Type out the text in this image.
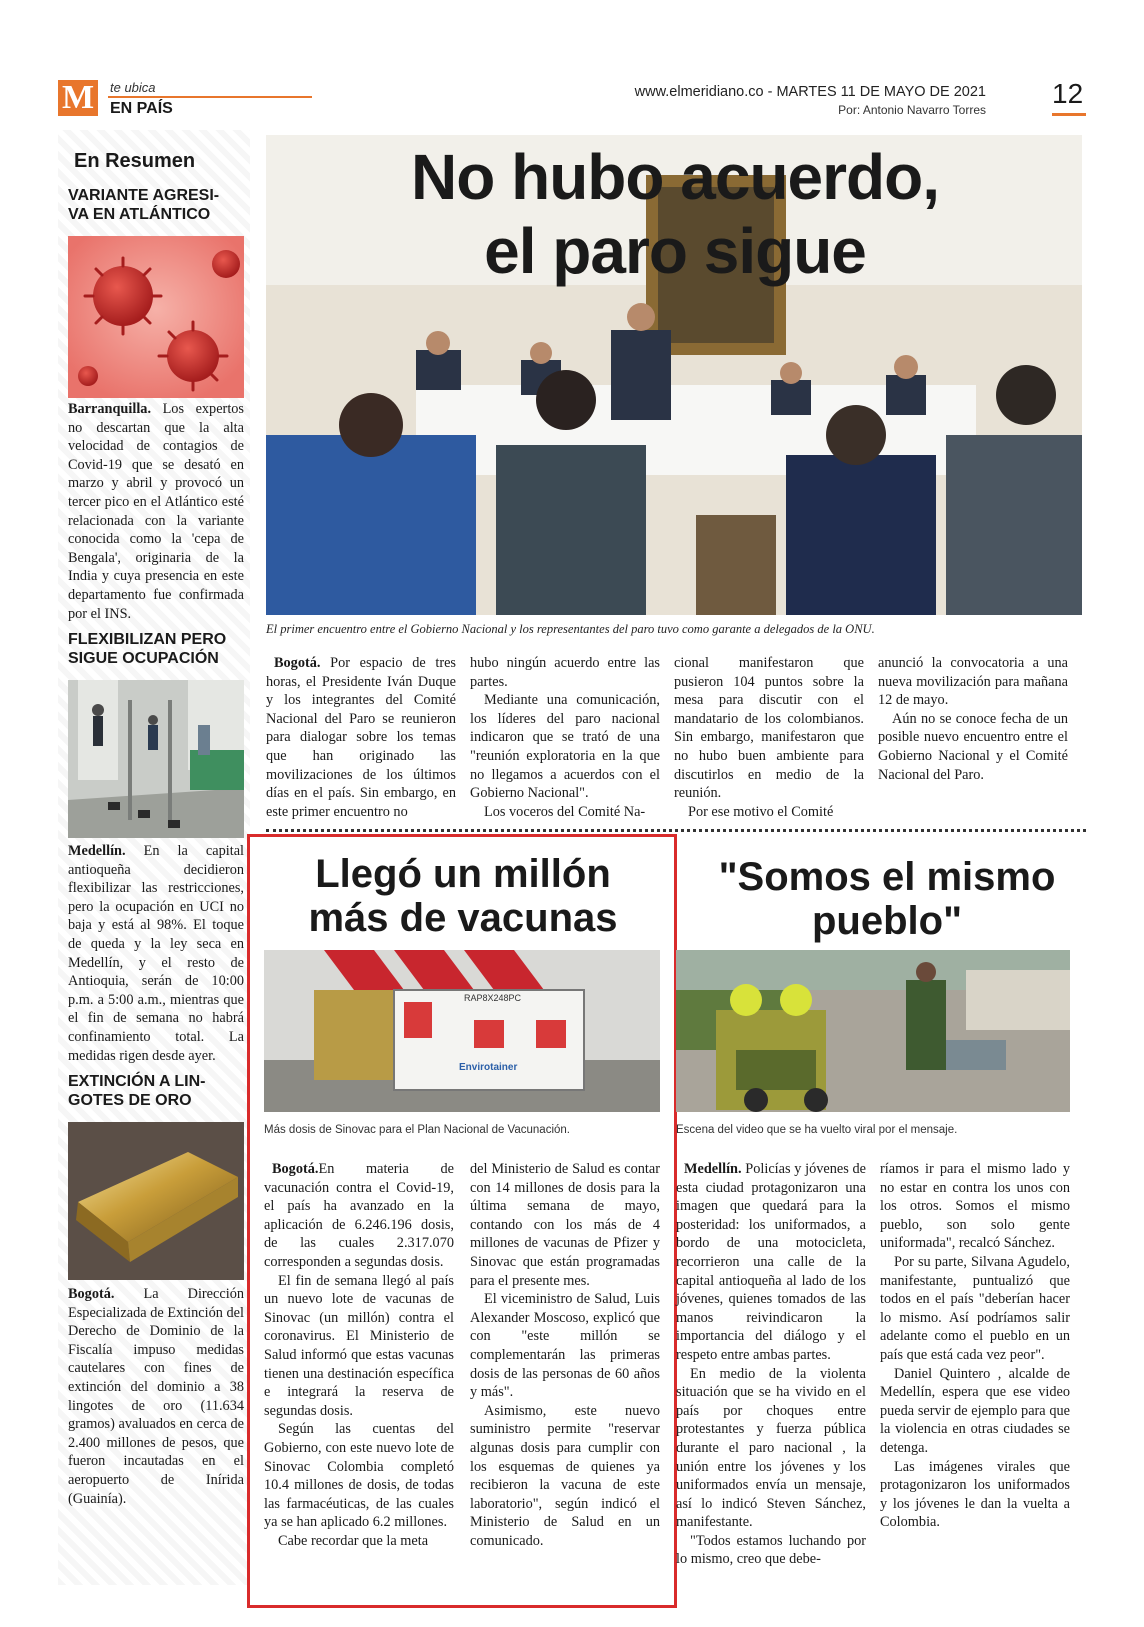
M	te ubica
EN PAÍS
www.elmeridiano.co - MARTES 11 DE MAYO DE 2021
Por: Antonio Navarro Torres
12
En Resumen
VARIANTE AGRESI-
VA EN ATLÁNTICO
Barranquilla. Los expertos no descartan que la alta velocidad de contagios de Covid-19 que se desató en marzo y abril y provocó un tercer pico en el Atlántico esté relacionada con la variante conocida como la 'cepa de Bengala', originaria de la India y cuya presencia en este departamento fue confirmada por el INS.
FLEXIBILIZAN PERO
SIGUE OCUPACIÓN
Medellín. En la capital antioqueña decidieron flexibilizar las restricciones, pero la ocupación en UCI no baja y está al 98%. El toque de queda y la ley seca en Medellín, y el resto de Antioquia, serán de 10:00 p.m. a 5:00 a.m., mientras que el fin de semana no habrá confinamiento total. La medidas rigen desde ayer.
EXTINCIÓN A LIN-
GOTES DE ORO
Bogotá. La Dirección Especializada de Extinción del Derecho de Dominio de la Fiscalía impuso medidas cautelares con fines de extinción del dominio a 38 lingotes de oro (11.634 gramos) avaluados en cerca de 2.400 millones de pesos, que fueron incautadas en el aeropuerto de Inírida (Guainía).
No hubo acuerdo,
el paro sigue
El primer encuentro entre el Gobierno Nacional y los representantes del paro tuvo como garante a delegados de la ONU.

Bogotá. Por espacio de tres horas, el Presidente Iván Duque y los integrantes del Comité Nacional del Paro se reunieron para dialogar sobre los temas que han originado las movilizaciones de los últimos días en el país. Sin embargo, en este primer encuentro no

hubo ningún acuerdo entre las partes.

Mediante una comunicación, los líderes del paro nacional indicaron que se trató de una "reunión exploratoria en la que no llegamos a acuerdos con el Gobierno Nacional".

Los voceros del Comité Na-

cional manifestaron que pusieron 104 puntos sobre la mesa para discutir con el mandatario de los colombianos. Sin embargo, manifestaron que no hubo buen ambiente para discutirlos en medio de la reunión.

Por ese motivo el Comité

anunció la convocatoria a una nueva movilización para mañana 12 de mayo.

Aún no se conoce fecha de un posible nuevo encuentro entre el Gobierno Nacional y el Comité Nacional del Paro.

Llegó un millón
más de vacunas
Envirotainer
RAP8X248PC
Más dosis de Sinovac para el Plan Nacional de Vacunación.

Bogotá.En materia de vacunación contra el Covid-19, el país ha avanzado en la aplicación de 6.246.196 dosis, de las cuales 2.317.070 corresponden a segundas dosis.

El fin de semana llegó al país un nuevo lote de vacunas de Sinovac (un millón) contra el coronavirus. El Ministerio de Salud informó que estas vacunas tienen una destinación específica e integrará la reserva de segundas dosis.

Según las cuentas del Gobierno, con este nuevo lote de Sinovac Colombia completó 10.4 millones de dosis, de todas las farmacéuticas, de las cuales ya se han aplicado 6.2 millones.

Cabe recordar que la meta

del Ministerio de Salud es contar con 14 millones de dosis para la última semana de mayo, contando con los más de 4 millones de vacunas de Pfizer y Sinovac que están programadas para el presente mes.

El viceministro de Salud, Luis Alexander Moscoso, explicó que con "este millón se complementarán las primeras dosis de las personas de 60 años y más".

Asimismo, este nuevo suministro permite "reservar algunas dosis para cumplir con los esquemas de quienes ya recibieron la vacuna de este laboratorio", según indicó el Ministerio de Salud en un comunicado.

"Somos el mismo
pueblo"
Escena del video que se ha vuelto viral por el mensaje.

Medellín. Policías y jóvenes de esta ciudad protagonizaron una imagen que quedará para la posteridad: los uniformados, a bordo de una motocicleta, recorrieron una calle de la capital antioqueña al lado de los jóvenes, quienes tomados de las manos reivindicaron la importancia del diálogo y el respeto entre ambas partes.

En medio de la violenta situación que se ha vivido en el país por choques entre protestantes y fuerza pública durante el paro nacional , la unión entre los jóvenes y los uniformados envía un mensaje, así lo indicó Steven Sánchez, manifestante.

"Todos estamos luchando por lo mismo, creo que debe-

ríamos ir para el mismo lado y no estar en contra los unos con los otros. Somos el mismo pueblo, son solo gente uniformada", recalcó Sánchez.

Por su parte, Silvana Agudelo, manifestante, puntualizó que todos en el país "deberían hacer lo mismo. Así podríamos salir adelante como el pueblo en un país que está cada vez peor".

Daniel Quintero , alcalde de Medellín, espera que ese video pueda servir de ejemplo para que la violencia en otras ciudades se detenga.

Las imágenes virales que protagonizaron los uniformados y los jóvenes le dan la vuelta a Colombia.
